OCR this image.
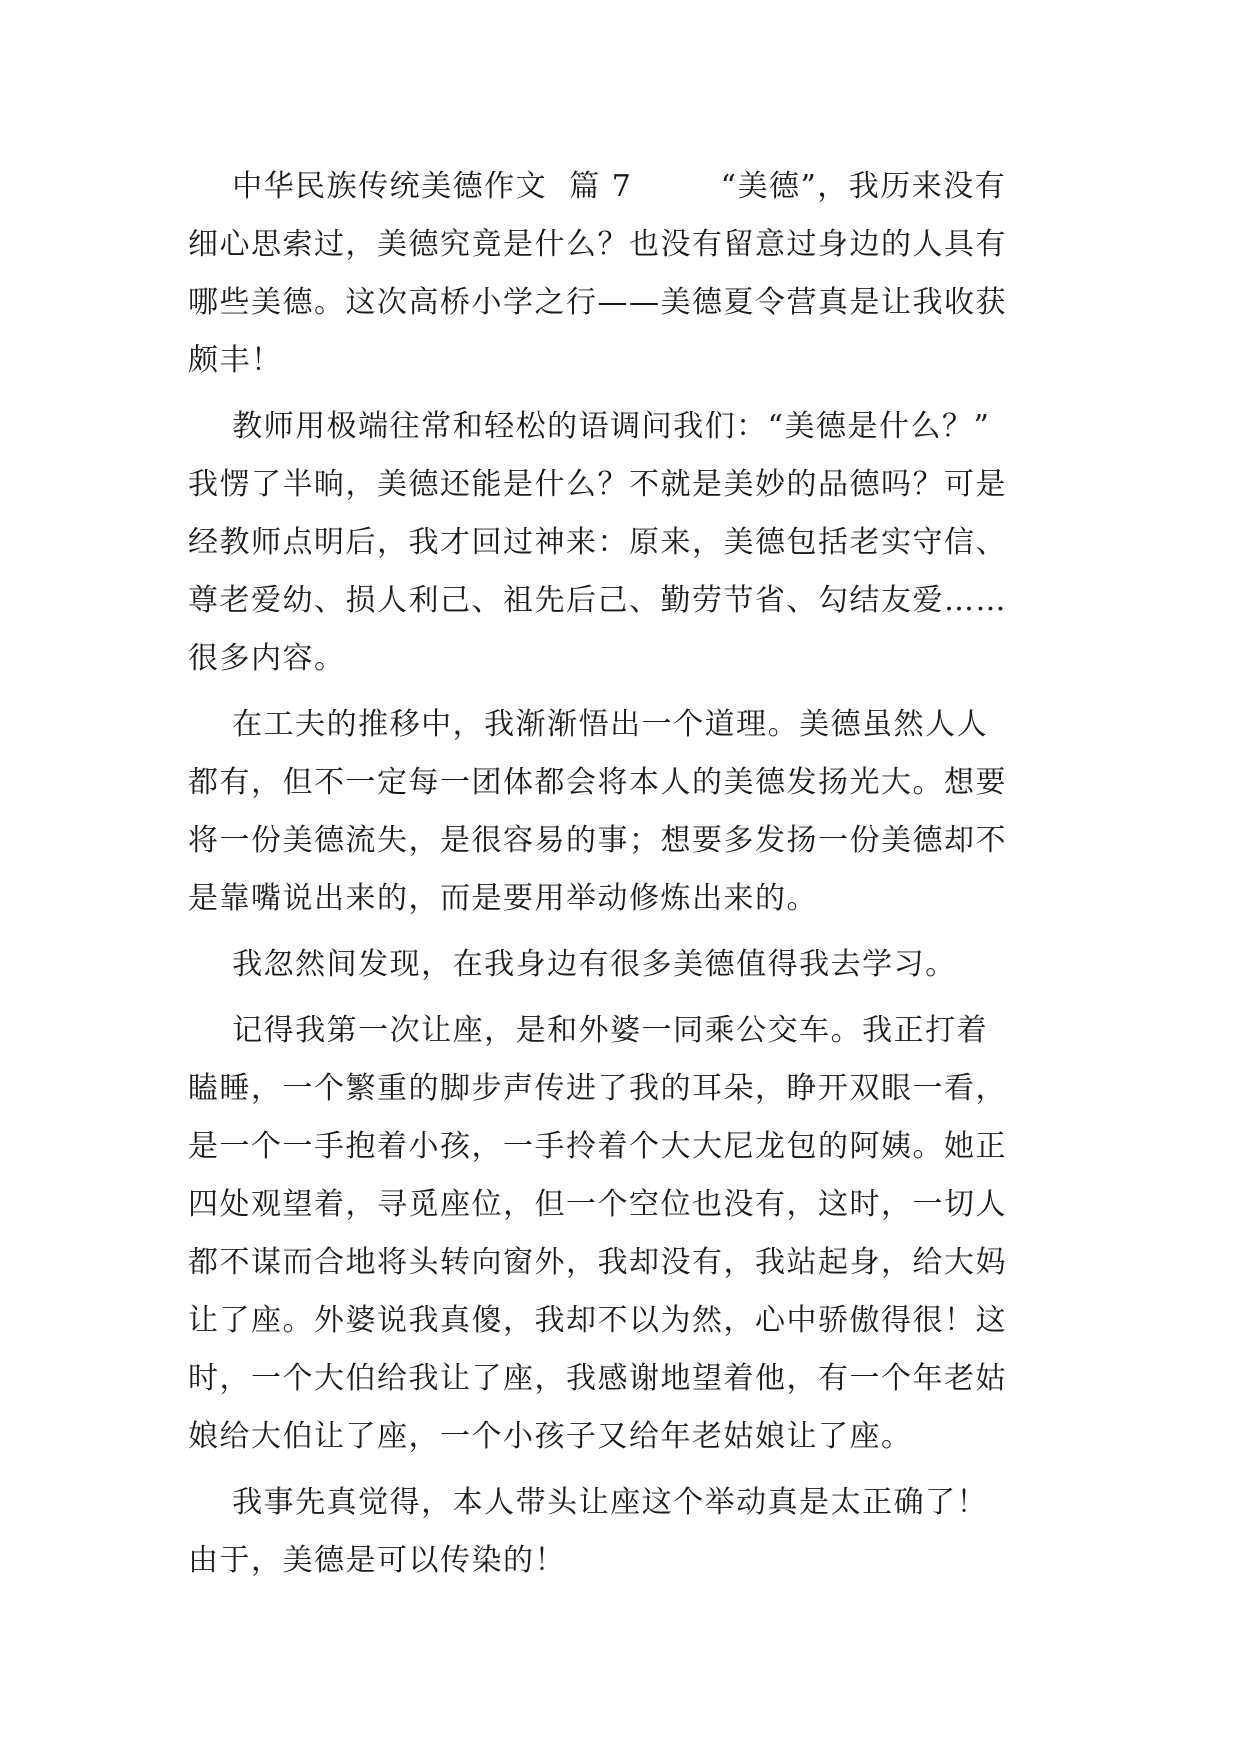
中华民族传统美德作文  篇 7        “美德”，我历来没有
细心思索过，美德究竟是什么？也没有留意过身边的人具有
哪些美德。这次高桥小学之行——美德夏令营真是让我收获
颇丰！
教师用极端往常和轻松的语调问我们：“美德是什么？”
我愣了半晌，美德还能是什么？不就是美妙的品德吗？可是
经教师点明后，我才回过神来：原来，美德包括老实守信、
尊老爱幼、损人利己、祖先后己、勤劳节省、勾结友爱……
很多内容。
在工夫的推移中，我渐渐悟出一个道理。美德虽然人人
都有，但不一定每一团体都会将本人的美德发扬光大。想要
将一份美德流失，是很容易的事；想要多发扬一份美德却不
是靠嘴说出来的，而是要用举动修炼出来的。
我忽然间发现，在我身边有很多美德值得我去学习。
记得我第一次让座，是和外婆一同乘公交车。我正打着
瞌睡，一个繁重的脚步声传进了我的耳朵，睁开双眼一看，
是一个一手抱着小孩，一手拎着个大大尼龙包的阿姨。她正
四处观望着，寻觅座位，但一个空位也没有，这时，一切人
都不谋而合地将头转向窗外，我却没有，我站起身，给大妈
让了座。外婆说我真傻，我却不以为然，心中骄傲得很！这
时，一个大伯给我让了座，我感谢地望着他，有一个年老姑
娘给大伯让了座，一个小孩子又给年老姑娘让了座。
我事先真觉得，本人带头让座这个举动真是太正确了！
由于，美德是可以传染的！
